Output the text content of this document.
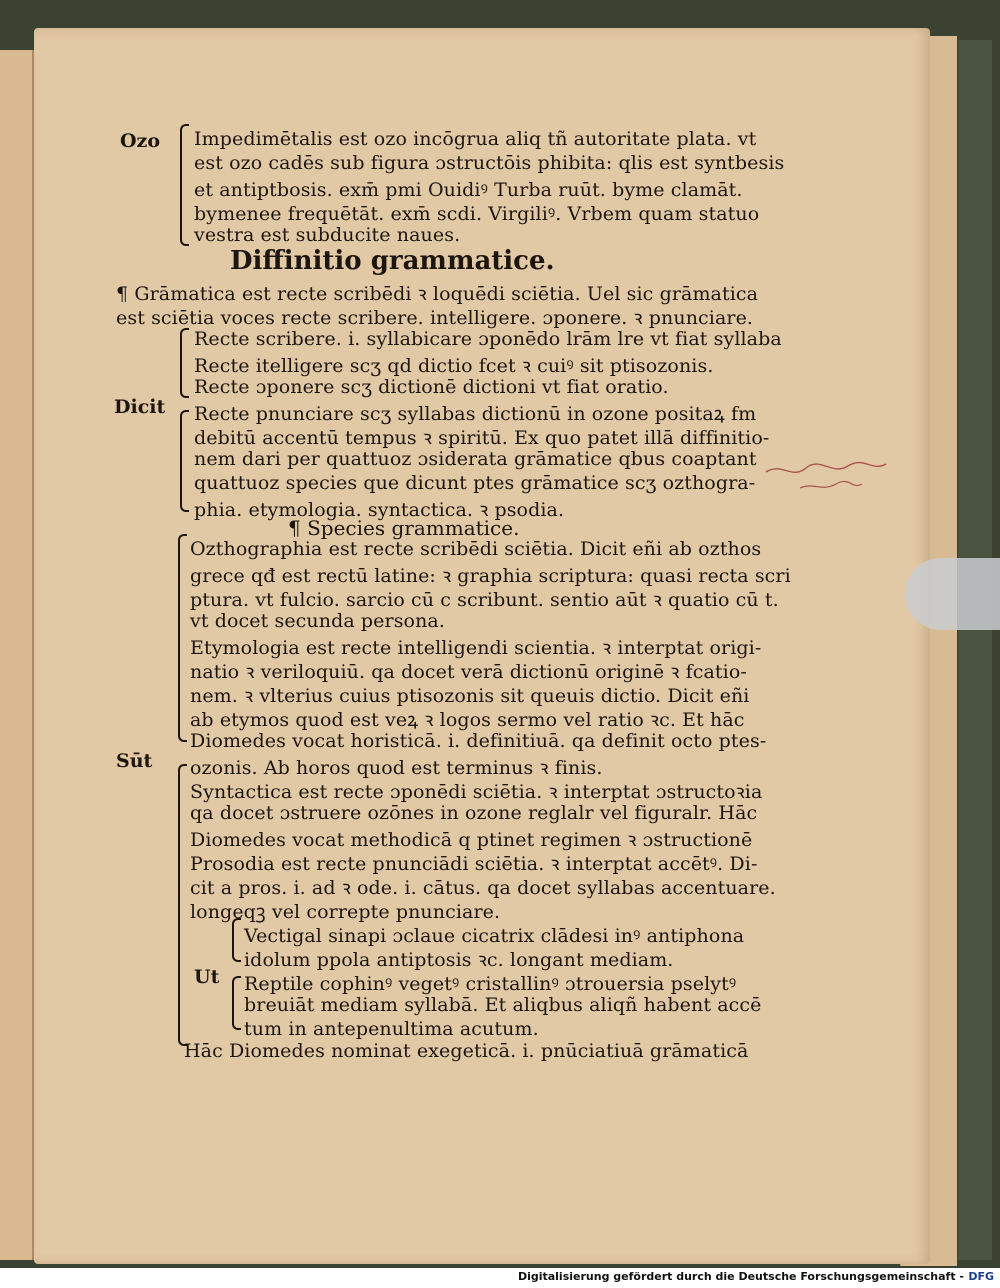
Ozo
Dicit
Sūt
Ut
Impedimētalis est ozo incōgrua aliq tñ autoritate plata. vt
est ozo cadēs sub figura ɔstructōis phibita: qlis est syntbesis
et antiptbosis. exm̄ pmi Ouidiꝰ Turba ruūt. byme clamāt.
bymenee frequētāt. exm̄ scdi. Virgiliꝰ. Vrbem quam statuo
vestra est subducite naues.
Diffinitio grammatice.
¶ Grāmatica est recte scribēdi ꝛ loquēdi sciētia. Uel sic grāmatica
est sciētia voces recte scribere. intelligere. ɔponere. ꝛ pnunciare.
Recte scribere. i. syllabicare ɔponēdo lrām lre vt fiat syllaba
Recte itelligere scʒ qd dictio fcet ꝛ cuiꝰ sit ptisozonis.
Recte ɔponere scʒ dictionē dictioni vt fiat oratio.
Recte pnunciare scʒ syllabas dictionū in ozone positaꝝ fm
debitū accentū tempus ꝛ spiritū. Ex quo patet illā diffinitio-
nem dari per quattuoz ɔsiderata grāmatice qbus coaptant
quattuoz species que dicunt ptes grāmatice scʒ ozthogra-
phia. etymologia. syntactica. ꝛ psodia.
¶ Species grammatice.
Ozthographia est recte scribēdi sciētia. Dicit eñi ab ozthos
grece qđ est rectū latine: ꝛ graphia scriptura: quasi recta scri
ptura. vt fulcio. sarcio cū c scribunt. sentio aūt ꝛ quatio cū t.
vt docet secunda persona.
Etymologia est recte intelligendi scientia. ꝛ interptat origi-
natio ꝛ veriloquiū. qa docet verā dictionū originē ꝛ fcatio-
nem. ꝛ vlterius cuius ptisozonis sit queuis dictio. Dicit eñi
ab etymos quod est veꝝ ꝛ logos sermo vel ratio ꝛc. Et hāc
Diomedes vocat horisticā. i. definitiuā. qa definit octo ptes-
ozonis. Ab horos quod est terminus ꝛ finis.
Syntactica est recte ɔponēdi sciētia. ꝛ interptat ɔstructoꝛia
qa docet ɔstruere ozōnes in ozone reglalr vel figuralr. Hāc
Diomedes vocat methodicā q ptinet regimen ꝛ ɔstructionē
Prosodia est recte pnunciādi sciētia. ꝛ interptat accētꝰ. Di-
cit a pros. i. ad ꝛ ode. i. cātus. qa docet syllabas accentuare.
longeqꝫ vel correpte pnunciare.
Vectigal sinapi ɔclaue cicatrix clādesi inꝰ antiphona
idolum ppola antiptosis ꝛc. longant mediam.
Reptile cophinꝰ vegetꝰ cristallinꝰ ɔtrouersia pselytꝰ
breuiāt mediam syllabā. Et aliqbus aliqñ habent accē
tum in antepenultima acutum.
Hāc Diomedes nominat exegeticā. i. pnūciatiuā grāmaticā
Digitalisierung gefördert durch die Deutsche Forschungsgemeinschaft - DFG
